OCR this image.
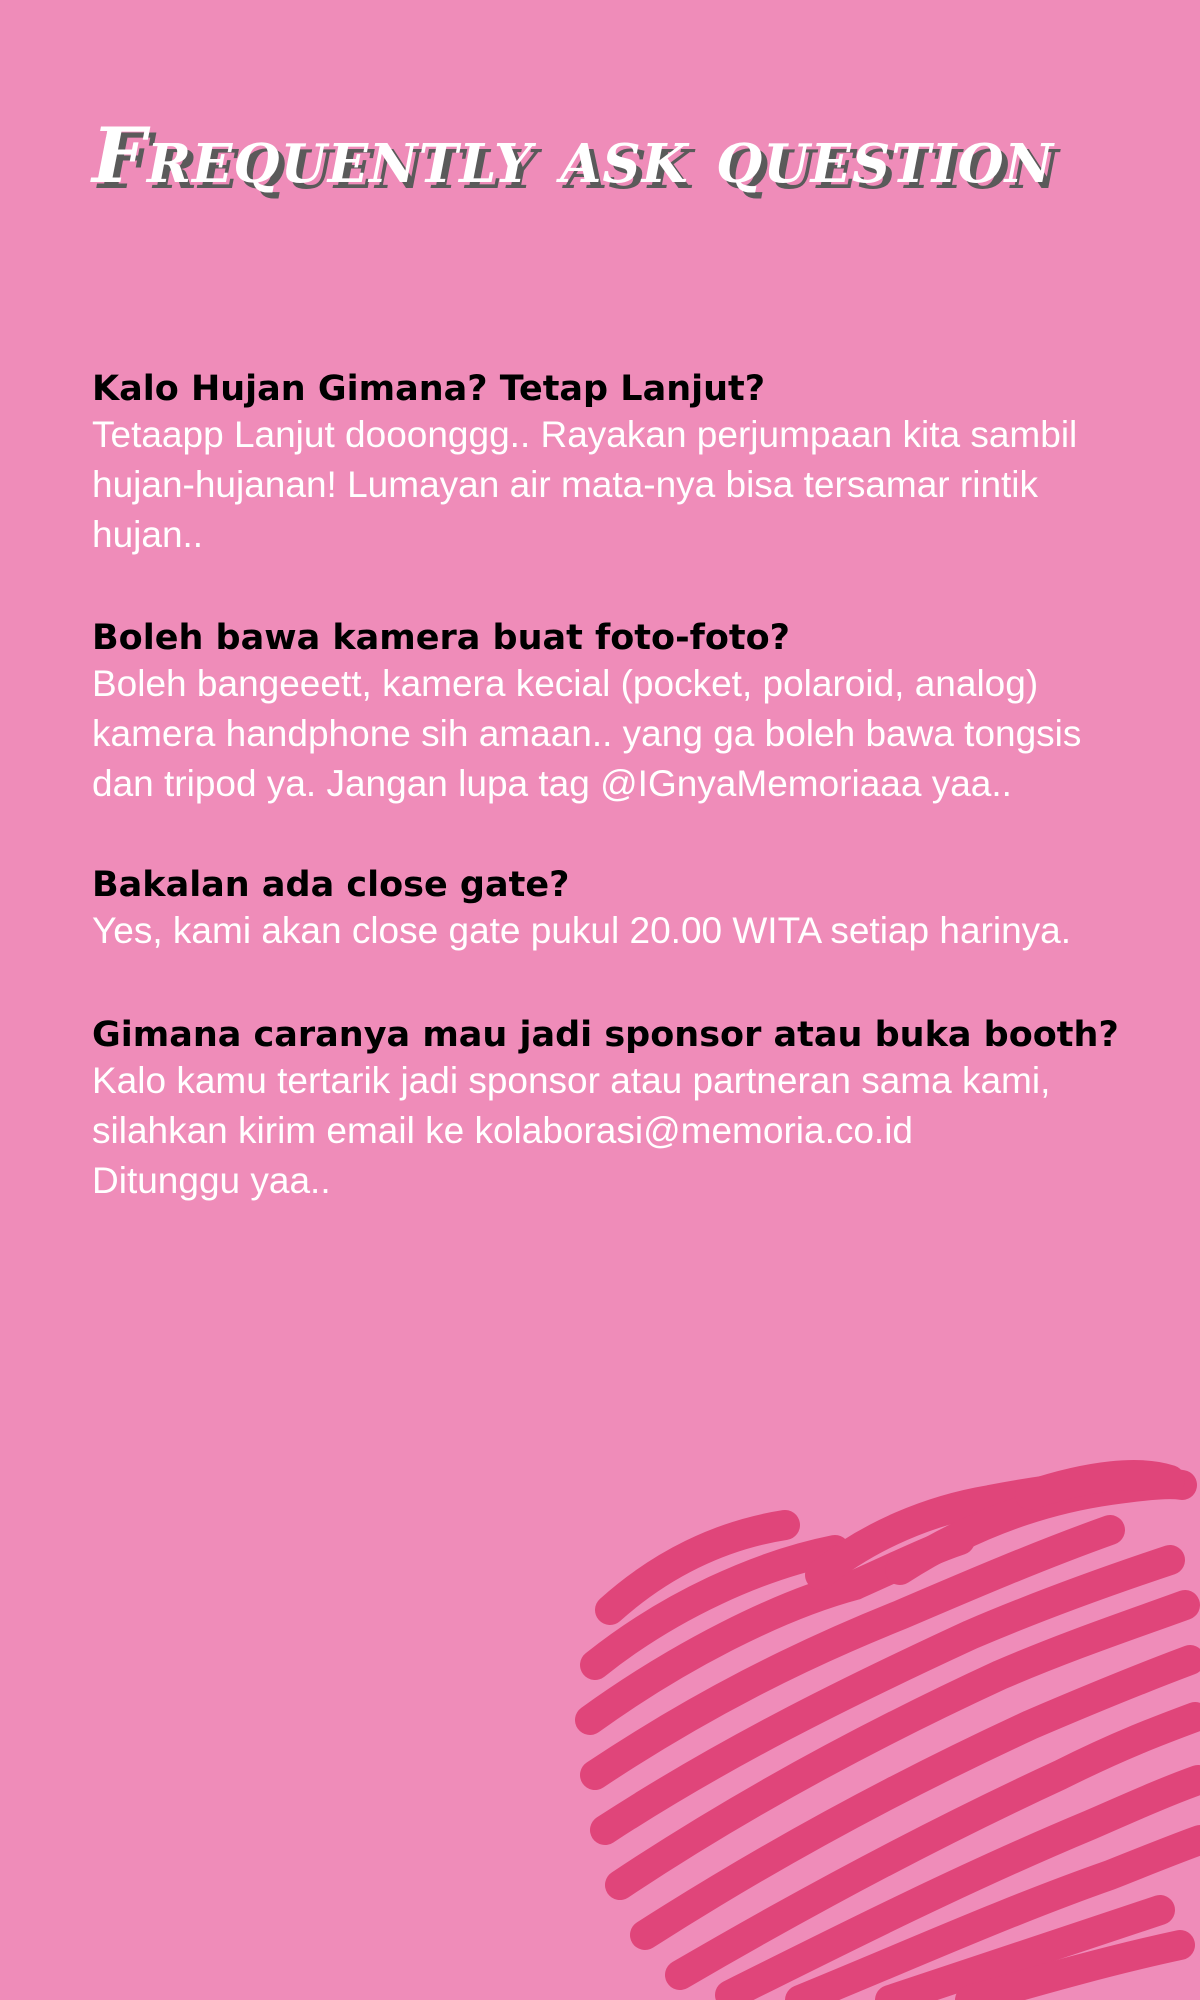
Frequently ask question

Kalo Hujan Gimana? Tetap Lanjut?

Tetaapp Lanjut dooonggg.. Rayakan perjumpaan kita sambil
hujan-hujanan! Lumayan air mata-nya bisa tersamar rintik
hujan..

Boleh bawa kamera buat foto-foto?

Boleh bangeeett, kamera kecial (pocket, polaroid, analog)
kamera handphone sih amaan.. yang ga boleh bawa tongsis
dan tripod ya. Jangan lupa tag @IGnyaMemoriaaa yaa..

Bakalan ada close gate?

Yes, kami akan close gate pukul 20.00 WITA setiap harinya.

Gimana caranya mau jadi sponsor atau buka booth?

Kalo kamu tertarik jadi sponsor atau partneran sama kami,
silahkan kirim email ke kolaborasi@memoria.co.id
Ditunggu yaa..
